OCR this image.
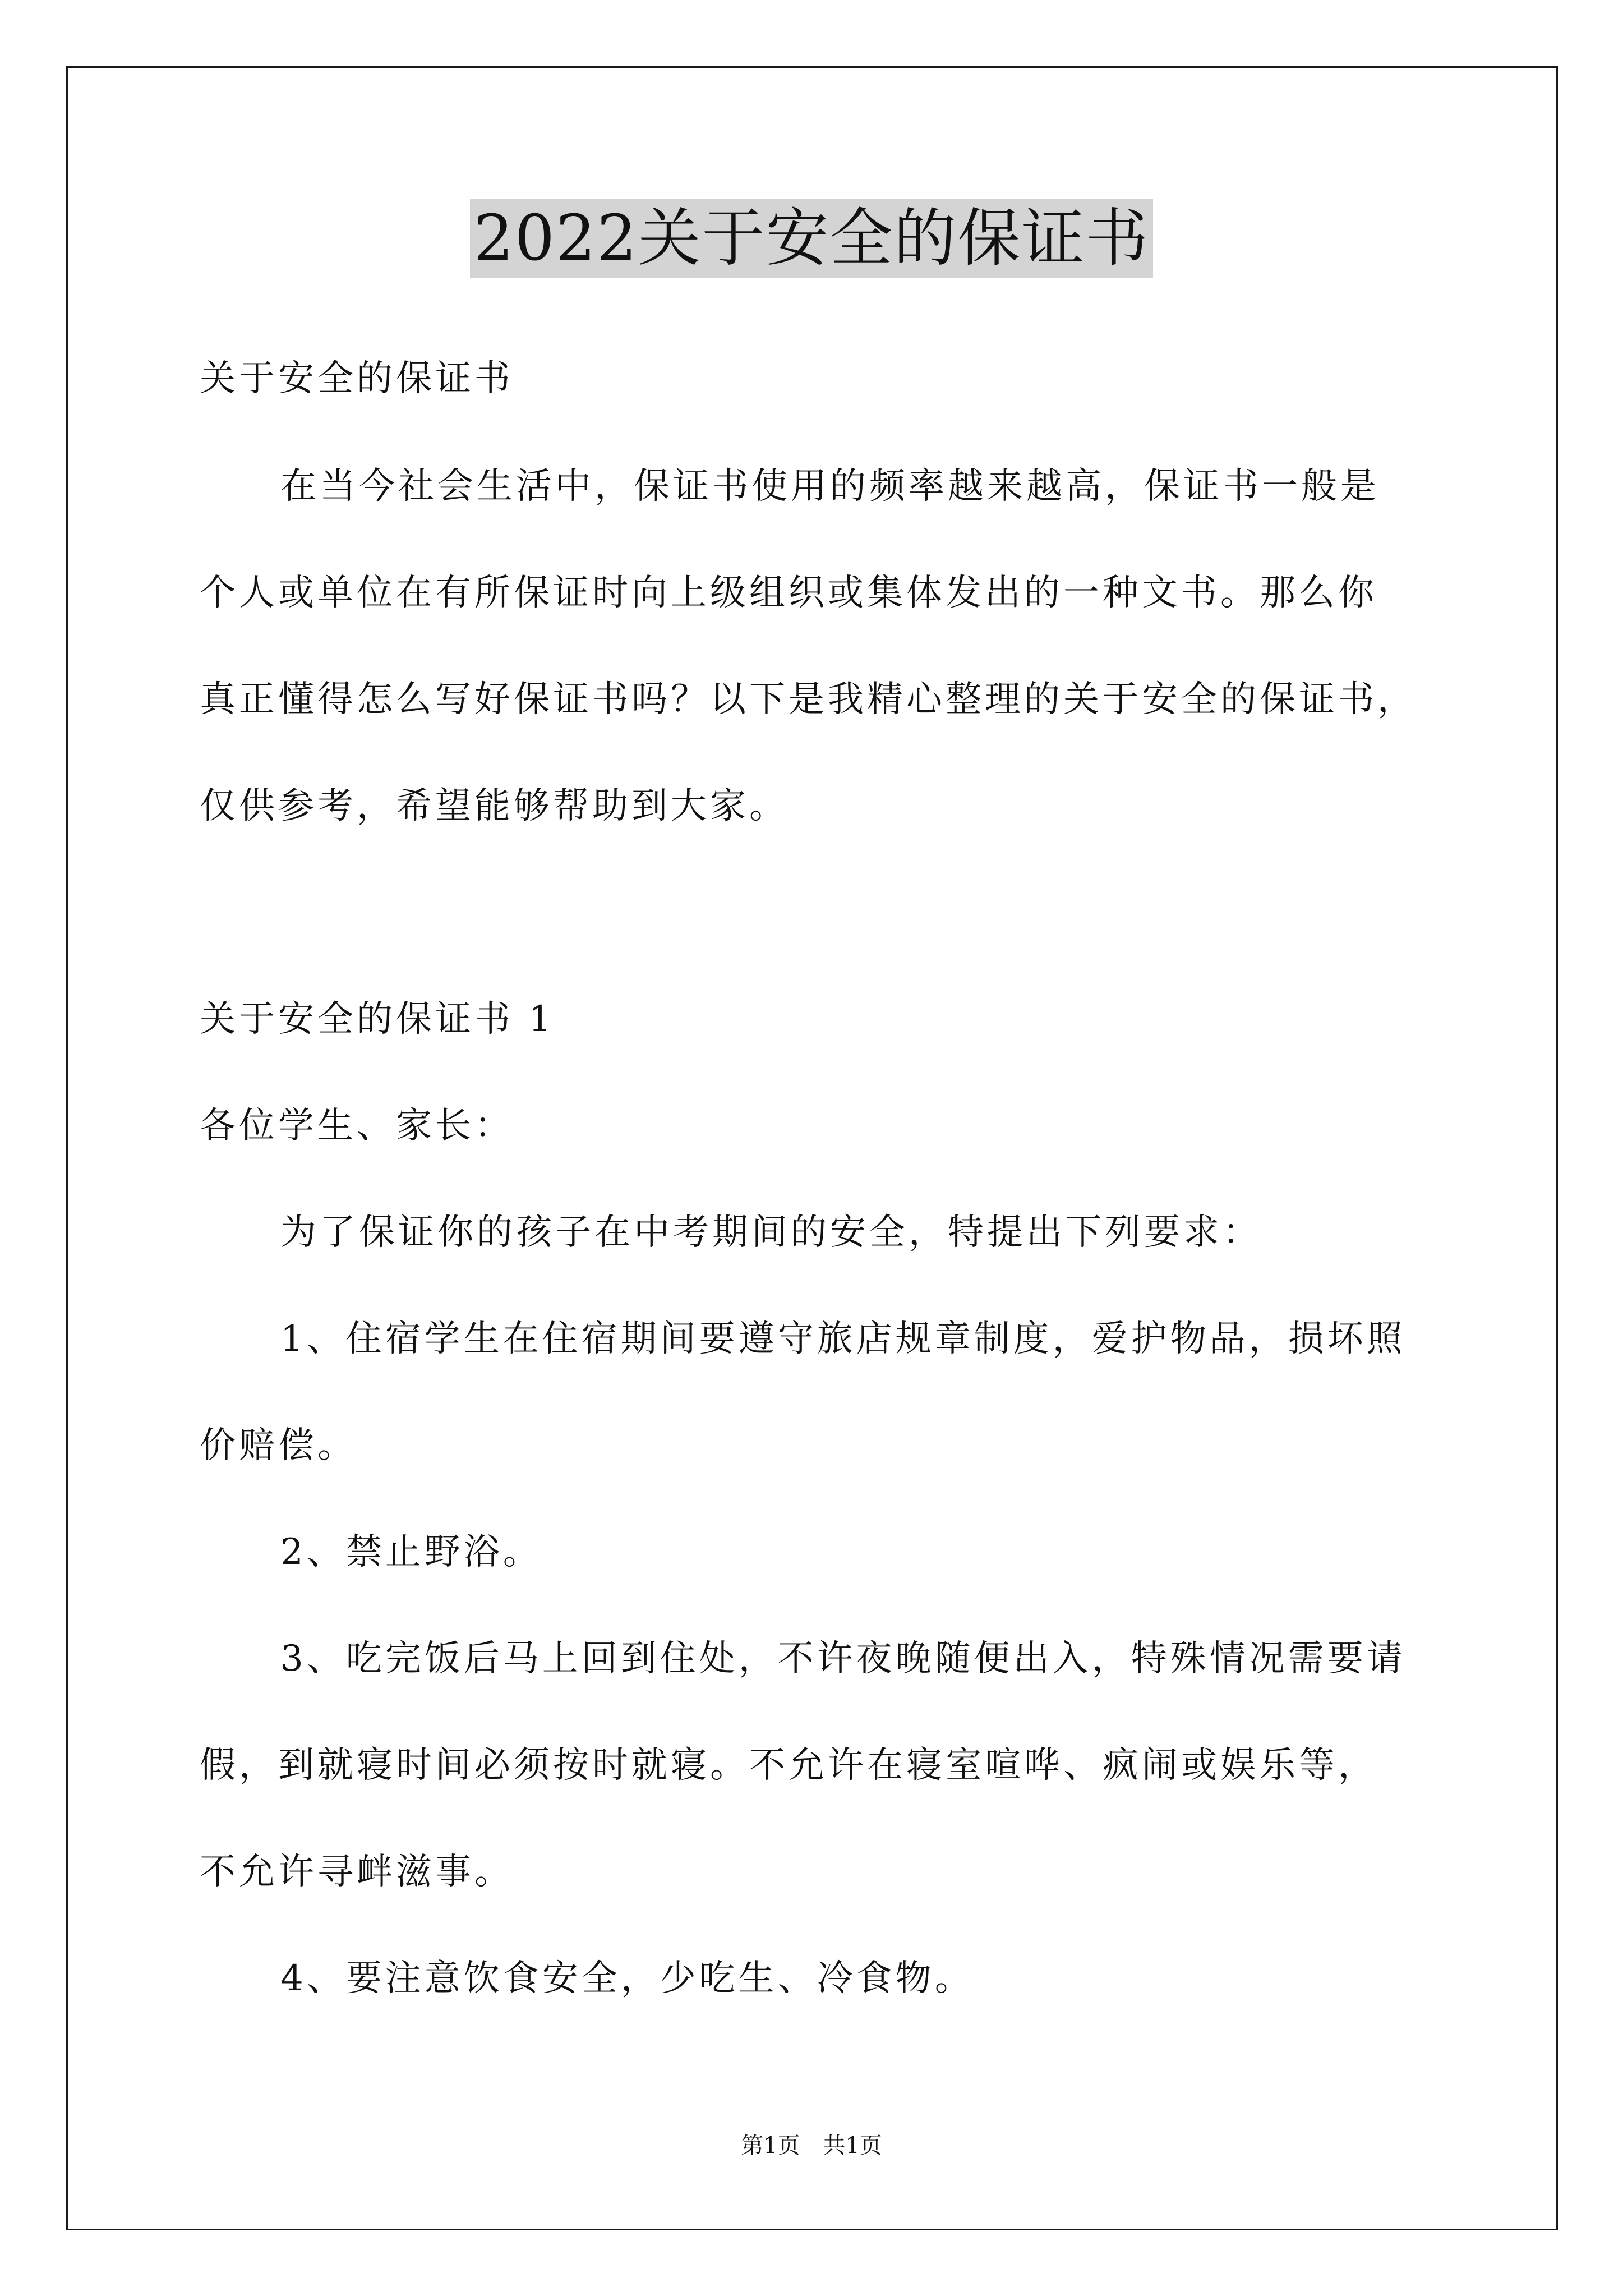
2022关于安全的保证书
关于安全的保证书
在当今社会生活中，保证书使用的频率越来越高，保证书一般是
个人或单位在有所保证时向上级组织或集体发出的一种文书。那么你
真正懂得怎么写好保证书吗？以下是我精心整理的关于安全的保证书，
仅供参考，希望能够帮助到大家。
关于安全的保证书 1
各位学生、家长：
为了保证你的孩子在中考期间的安全，特提出下列要求：
1、住宿学生在住宿期间要遵守旅店规章制度，爱护物品，损坏照
价赔偿。
2、禁止野浴。
3、吃完饭后马上回到住处，不许夜晚随便出入，特殊情况需要请
假，到就寝时间必须按时就寝。不允许在寝室喧哗、疯闹或娱乐等，
不允许寻衅滋事。
4、要注意饮食安全，少吃生、冷食物。
第1页 共1页
